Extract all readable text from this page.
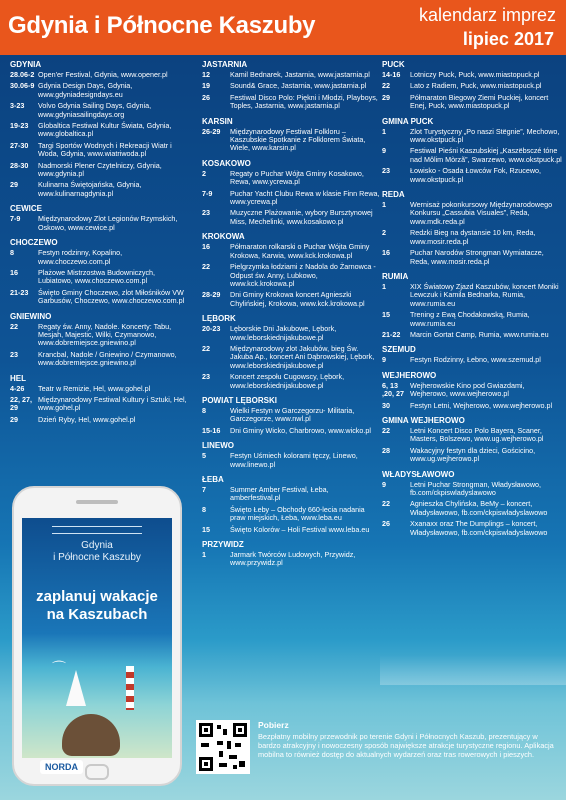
Gdynia i Północne Kaszuby	kalendarz imprez
lipiec 2017
GDYNIA
28.06-2 Open'er Festival, Gdynia, www.opener.pl
30.06-9 Gdynia Design Days, Gdynia, www.gdyniadesigndays.eu
3-23	Volvo Gdynia Sailing Days, Gdynia, www.gdyniasailingdays.org
19-23	Globaltica Festiwal Kultur Świata, Gdynia, www.globaltica.pl
27-30	Targi Sportów Wodnych i Rekreacji Wiatr i Woda, Gdynia, www.wiatriwoda.pl
28-30	Nadmorski Plener Czytelniczy, Gdynia, www.gdynia.pl
29	Kulinarna Świętojańska, Gdynia, www.kulinarnagdynia.pl
CEWICE
7-9	Międzynarodowy Zlot Legionów Rzymskich, Oskowo, www.cewice.pl
CHOCZEWO
8	Festyn rodzinny, Kopalino, www.choczewo.com.pl
16	Plażowe Mistrzostwa Budowniczych, Lubiatowo, www.choczewo.com.pl
21-23	Święto Gminy Choczewo, zlot Miłośników VW Garbusów, Choczewo, www.choczewo.com.pl
GNIEWINO
22	Regaty św. Anny, Nadole. Koncerty: Tabu, Mesjah, Majestic, Wilki, Czymanowo, www.dobremiejsce.gniewino.pl
23	Krancbal, Nadole / Gniewino / Czymanowo, www.dobremiejsce.gniewino.pl
HEL
4-26	Teatr w Remizie, Hel, www.gohel.pl
22, 27, 29
Międzynarodowy Festiwal Kultury i Sztuki, Hel, www.gohel.pl
29	Dzień Ryby, Hel, www.gohel.pl
JASTARNIA
12	Kamil Bednarek, Jastarnia, www.jastarnia.pl
19	Sound& Grace, Jastarnia, www.jastarnia.pl
26	Festiwal Disco Polo: Piękni i Młodzi, Playboys, Toples, Jastarnia, www.jastarnia.pl
KARSIN
26-29	Międzynarodowy Festiwal Folkloru – Kaszubskie Spotkanie z Folklorem Świata, Wiele, www.karsin.pl
KOSAKOWO
2	Regaty o Puchar Wójta Gminy Kosakowo, Rewa, www.ycrewa.pl
7-9	Puchar Yacht Clubu Rewa w klasie Finn Rewa, www.ycrewa.pl
23	Muzyczne Plażowanie, wybory Bursztynowej Miss, Mechelinki, www.kosakowo.pl
KROKOWA
16	Półmaraton rolkarski o Puchar Wójta Gminy Krokowa, Karwia, www.kck.krokowa.pl
22	Pielgrzymka łodziami z Nadola do Żarnowca - Odpust św. Anny, Lubkowo, www.kck.krokowa.pl
28-29	Dni Gminy Krokowa koncert Agnieszki Chylińskiej, Krokowa, www.kck.krokowa.pl
LĘBORK
20-23	Lęborskie Dni Jakubowe, Lębork, www.leborskiednijakubowe.pl
22	Międzynarodowy zlot Jakubów, bieg Św. Jakuba Ap., koncert Ani Dąbrowskiej, Lębork, www.leborskiednijakubowe.pl
23	Koncert zespołu Cugowscy, Lębork, www.leborskiednijakubowe.pl
POWIAT LĘBORSKI
8	Wielki Festyn w Garczegorzu- Militaria, Garczegorze, www.nwl.pl
15-16	Dni Gminy Wicko, Charbrowo, www.wicko.pl
LINEWO
5	Festyn Uśmiech kolorami tęczy, Linewo, www.linewo.pl
ŁEBA
7	Summer Amber Festival, Łeba, amberfestival.pl
8	Święto Łeby – Obchody 660-lecia nadania praw miejskich, Łeba, www.leba.eu
15	Święto Kolorów – Holi Festival www.leba.eu
PRZYWIDZ
1	Jarmark Twórców Ludowych, Przywidz, www.przywidz.pl
PUCK
14-16	Lotniczy Puck, Puck, www.miastopuck.pl
22	Lato z Radiem, Puck, www.miastopuck.pl
29	Półmaraton Biegowy Ziemi Puckiej, koncert Enej, Puck, www.miastopuck.pl
GMINA PUCK
1	Zlot Turystyczny „Po naszi Stëgnie”, Mechowo, www.okstpuck.pl
9	Festiwal Pieśni Kaszubskiej „Kaszëbsczé tóne nad Môlim Mòrzã”, Swarzewo, www.okstpuck.pl
23	Łowisko - Osada Łowców Fok, Rzucewo, www.okstpuck.pl
REDA
1	Wernisaż pokonkursowy Międzynarodowego Konkursu „Cassubia Visuales”, Reda, www.mdk.reda.pl
2	Redzki Bieg na dystansie 10 km, Reda, www.mosir.reda.pl
16	Puchar Narodów Strongman Wymiatacze, Reda, www.mosir.reda.pl
RUMIA
1	XIX Światowy Zjazd Kaszubów, koncert Moniki Lewczuk i Kamila Bednarka, Rumia, www.rumia.eu
15	Trening z Ewą Chodakowską, Rumia, www.rumia.eu
21-22	Marcin Gortat Camp, Rumia, www.rumia.eu
SZEMUD
9	Festyn Rodzinny, Łebno, www.szemud.pl
WEJHEROWO
6, 13 ,20, 27
Wejherowskie Kino pod Gwiazdami, Wejherowo, www.wejherowo.pl
30	Festyn Letni, Wejherowo, www.wejherowo.pl
GMINA WEJHEROWO
22	Letni Koncert Disco Polo Bayera, Scaner, Masters, Bolszewo, www.ug.wejherowo.pl
28	Wakacyjny festyn dla dzieci, Gościcino, www.ug.wejherowo.pl
WŁADYSŁAWOWO
9	Letni Puchar Strongman, Władysławowo, fb.com/ckpiswladyslawowo
22	Agnieszka Chylińska, BeMy – koncert, Władysławowo, fb.com/ckpiswladyslawowo
26	Xxanaxx oraz The Dumplings – koncert, Władysławowo, fb.com/ckpiswladyslawowo
Gdynia
i Północne Kaszuby
zaplanuj wakacje
na Kaszubach
⌒
NORDA
Pobierz
Bezpłatny mobilny przewodnik po terenie Gdyni i Północnych Kaszub, prezentujący w bardzo atrakcyjny i nowoczesny sposób największe atrakcje turystyczne regionu. Aplikacja mobilna to również dostęp do aktualnych wydarzeń oraz tras rowerowych i pieszych.
